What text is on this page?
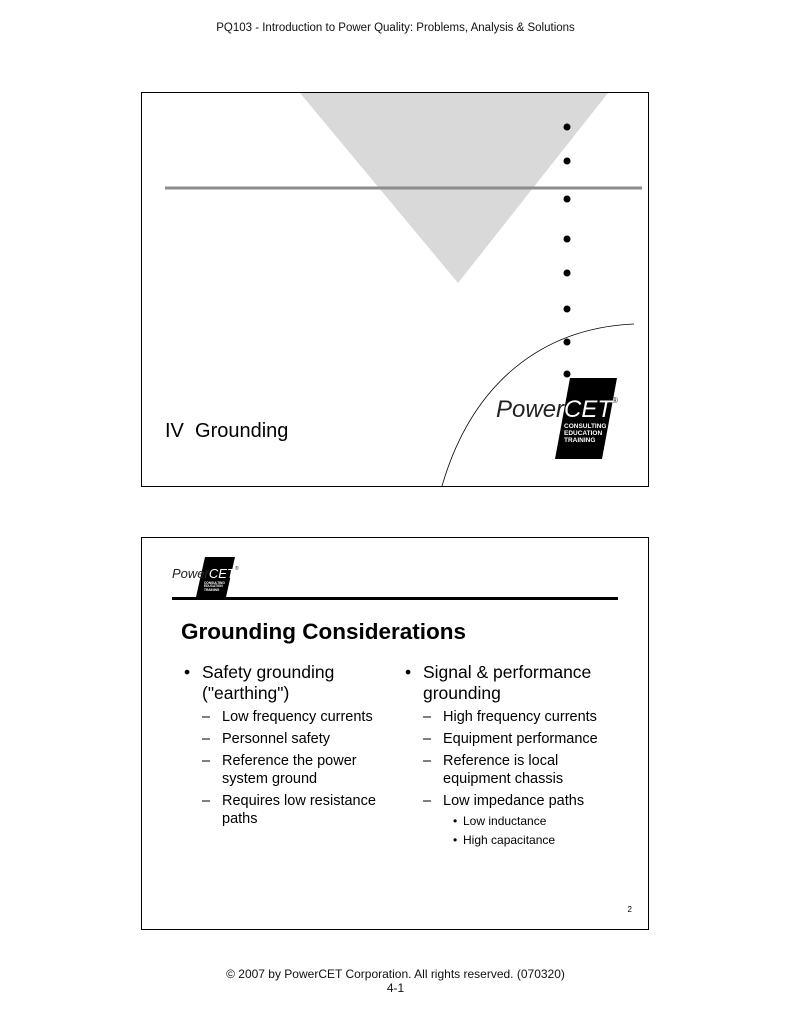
PQ103 - Introduction to Power Quality: Problems, Analysis & Solutions
PowerCET®
CONSULTING
EDUCATION
TRAINING
IV  Grounding
PowerCET®
CONSULTING
EDUCATION
TRAINING
Grounding Considerations
• Safety grounding ("earthing")
– Low frequency currents
– Personnel safety
– Reference the power system ground
– Requires low resistance paths
• Signal & performance grounding
– High frequency currents
– Equipment performance
– Reference is local equipment chassis
– Low impedance paths
• Low inductance
• High capacitance
2
© 2007 by PowerCET Corporation. All rights reserved. (070320)
4-1
